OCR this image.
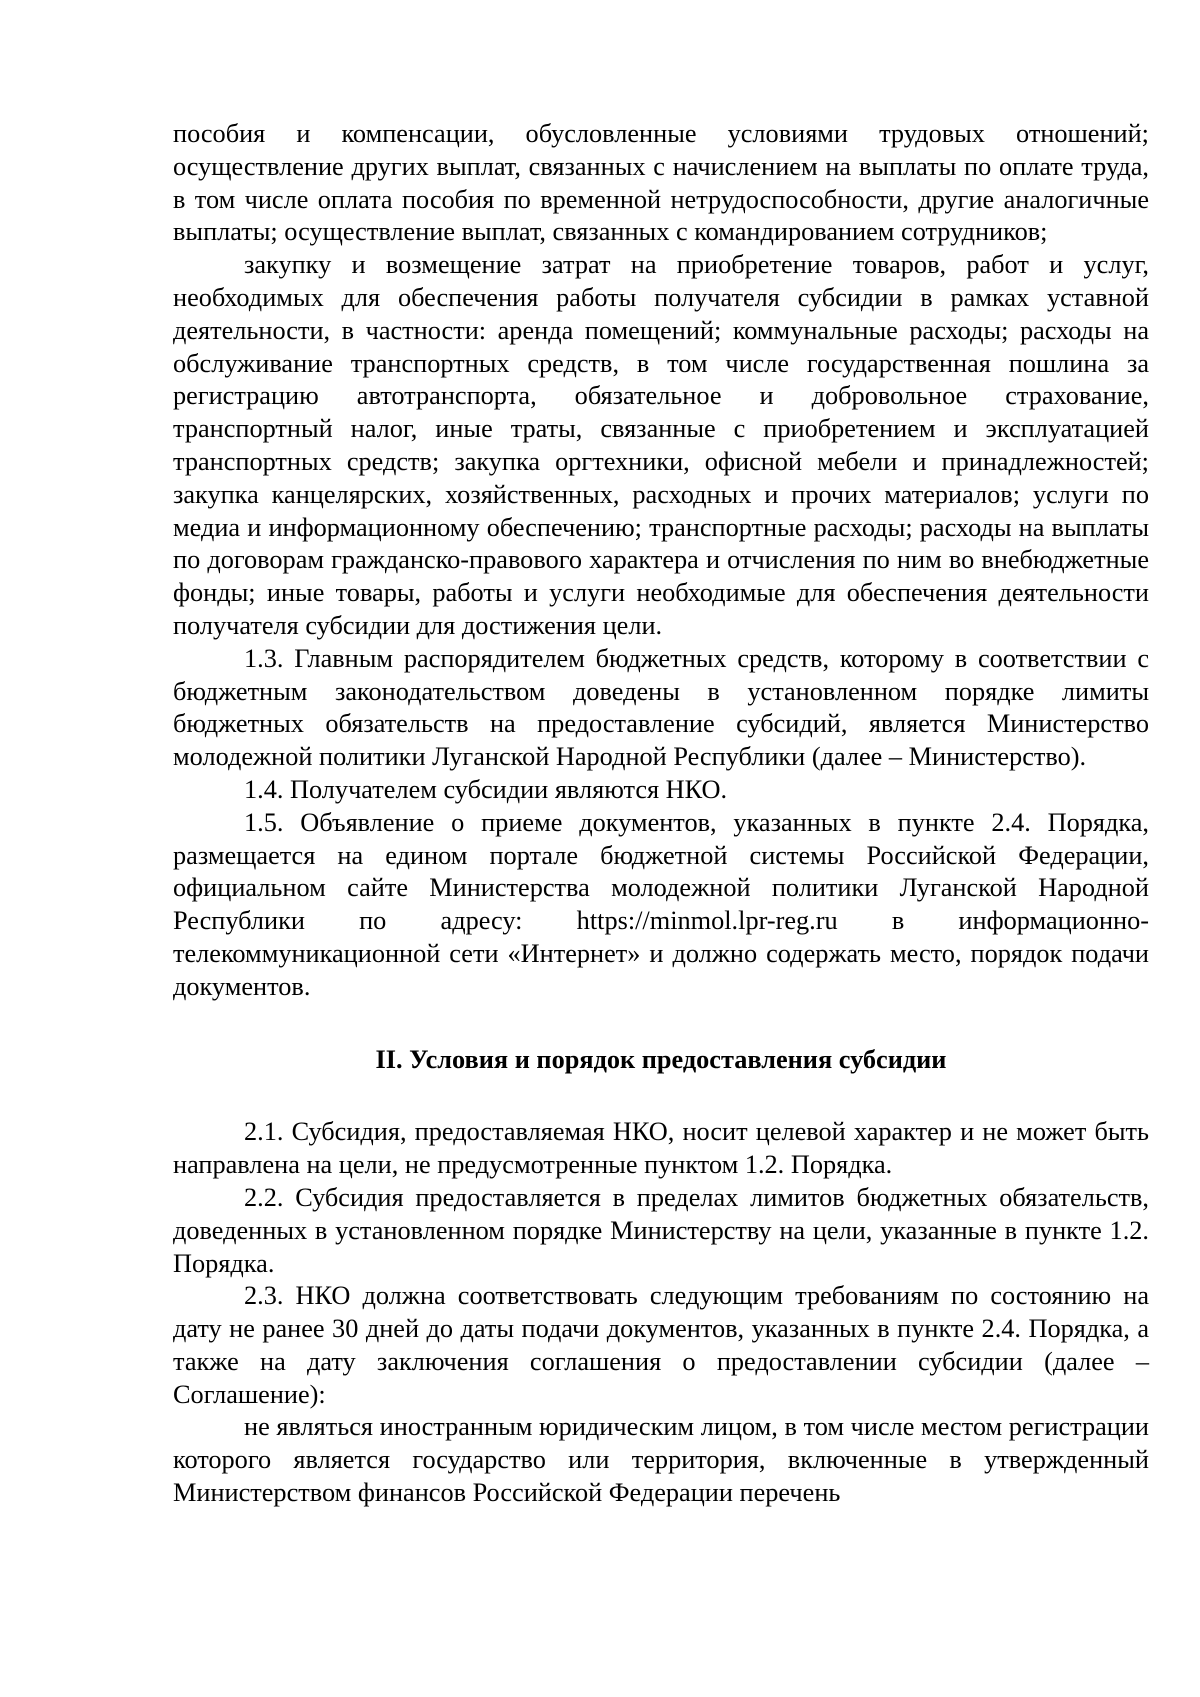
пособия и компенсации, обусловленные условиями трудовых отношений; осуществление других выплат, связанных с начислением на выплаты по оплате труда, в том числе оплата пособия по временной нетрудоспособности, другие аналогичные выплаты; осуществление выплат, связанных с командированием сотрудников;

закупку и возмещение затрат на приобретение товаров, работ и услуг, необходимых для обеспечения работы получателя субсидии в рамках уставной деятельности, в частности: аренда помещений; коммунальные расходы; расходы на обслуживание транспортных средств, в том числе государственная пошлина за регистрацию автотранспорта, обязательное и добровольное страхование, транспортный налог, иные траты, связанные с приобретением и эксплуатацией транспортных средств; закупка оргтехники, офисной мебели и принадлежностей; закупка канцелярских, хозяйственных, расходных и прочих материалов; услуги по медиа и информационному обеспечению; транспортные расходы; расходы на выплаты по договорам гражданско-правового характера и отчисления по ним во внебюджетные фонды; иные товары, работы и услуги необходимые для обеспечения деятельности получателя субсидии для достижения цели.

1.3. Главным распорядителем бюджетных средств, которому в соответствии с бюджетным законодательством доведены в установленном порядке лимиты бюджетных обязательств на предоставление субсидий, является Министерство молодежной политики Луганской Народной Республики (далее – Министерство).

1.4. Получателем субсидии являются НКО.

1.5. Объявление о приеме документов, указанных в пункте 2.4. Порядка, размещается на едином портале бюджетной системы Российской Федерации, официальном сайте Министерства молодежной политики Луганской Народной Республики по адресу: https://minmol.lpr-reg.ru в информационно-телекоммуникационной сети «Интернет» и должно содержать место, порядок подачи документов.

II. Условия и порядок предоставления субсидии

2.1. Субсидия, предоставляемая НКО, носит целевой характер и не может быть направлена на цели, не предусмотренные пунктом 1.2. Порядка.

2.2. Субсидия предоставляется в пределах лимитов бюджетных обязательств, доведенных в установленном порядке Министерству на цели, указанные в пункте 1.2. Порядка.

2.3. НКО должна соответствовать следующим требованиям по состоянию на дату не ранее 30 дней до даты подачи документов, указанных в пункте 2.4. Порядка, а также на дату заключения соглашения о предоставлении субсидии (далее – Соглашение):

не являться иностранным юридическим лицом, в том числе местом регистрации которого является государство или территория, включенные в утвержденный Министерством финансов Российской Федерации перечень
